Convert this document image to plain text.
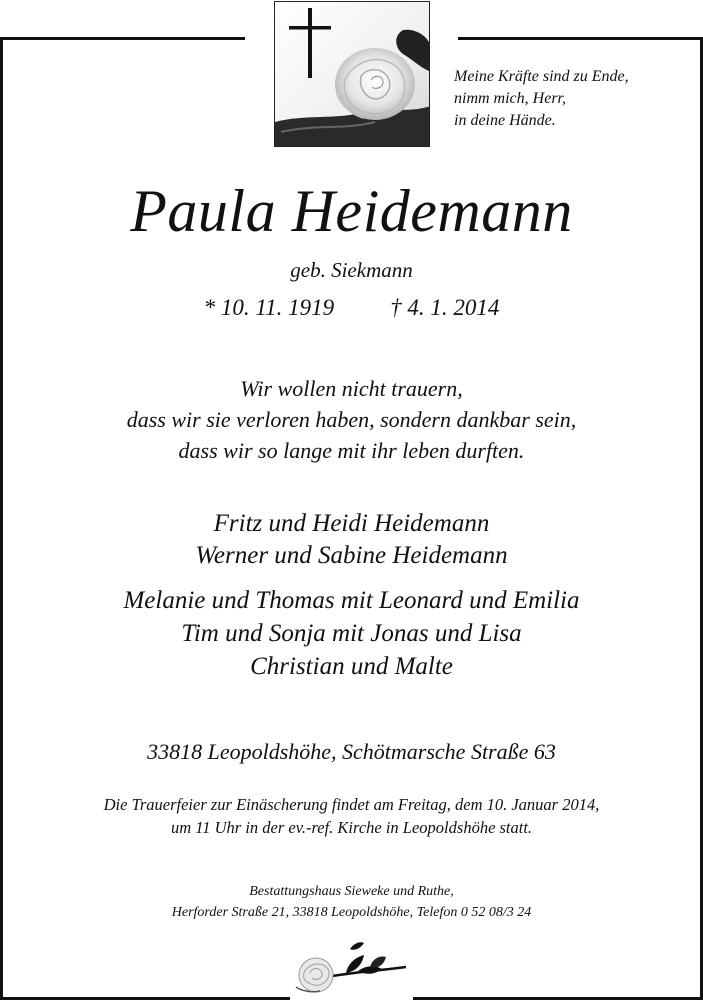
Meine Kräfte sind zu Ende,
nimm mich, Herr,
in deine Hände.
Paula Heidemann
geb. Siekmann
* 10. 11. 1919 † 4. 1. 2014
Wir wollen nicht trauern,
dass wir sie verloren haben, sondern dankbar sein,
dass wir so lange mit ihr leben durften.
Fritz und Heidi Heidemann
Werner und Sabine Heidemann
Melanie und Thomas mit Leonard und Emilia
Tim und Sonja mit Jonas und Lisa
Christian und Malte
33818 Leopoldshöhe, Schötmarsche Straße 63
Die Trauerfeier zur Einäscherung findet am Freitag, dem 10. Januar 2014,
um 11 Uhr in der ev.-ref. Kirche in Leopoldshöhe statt.
Bestattungshaus Sieweke und Ruthe,
Herforder Straße 21, 33818 Leopoldshöhe, Telefon 0 52 08/3 24
